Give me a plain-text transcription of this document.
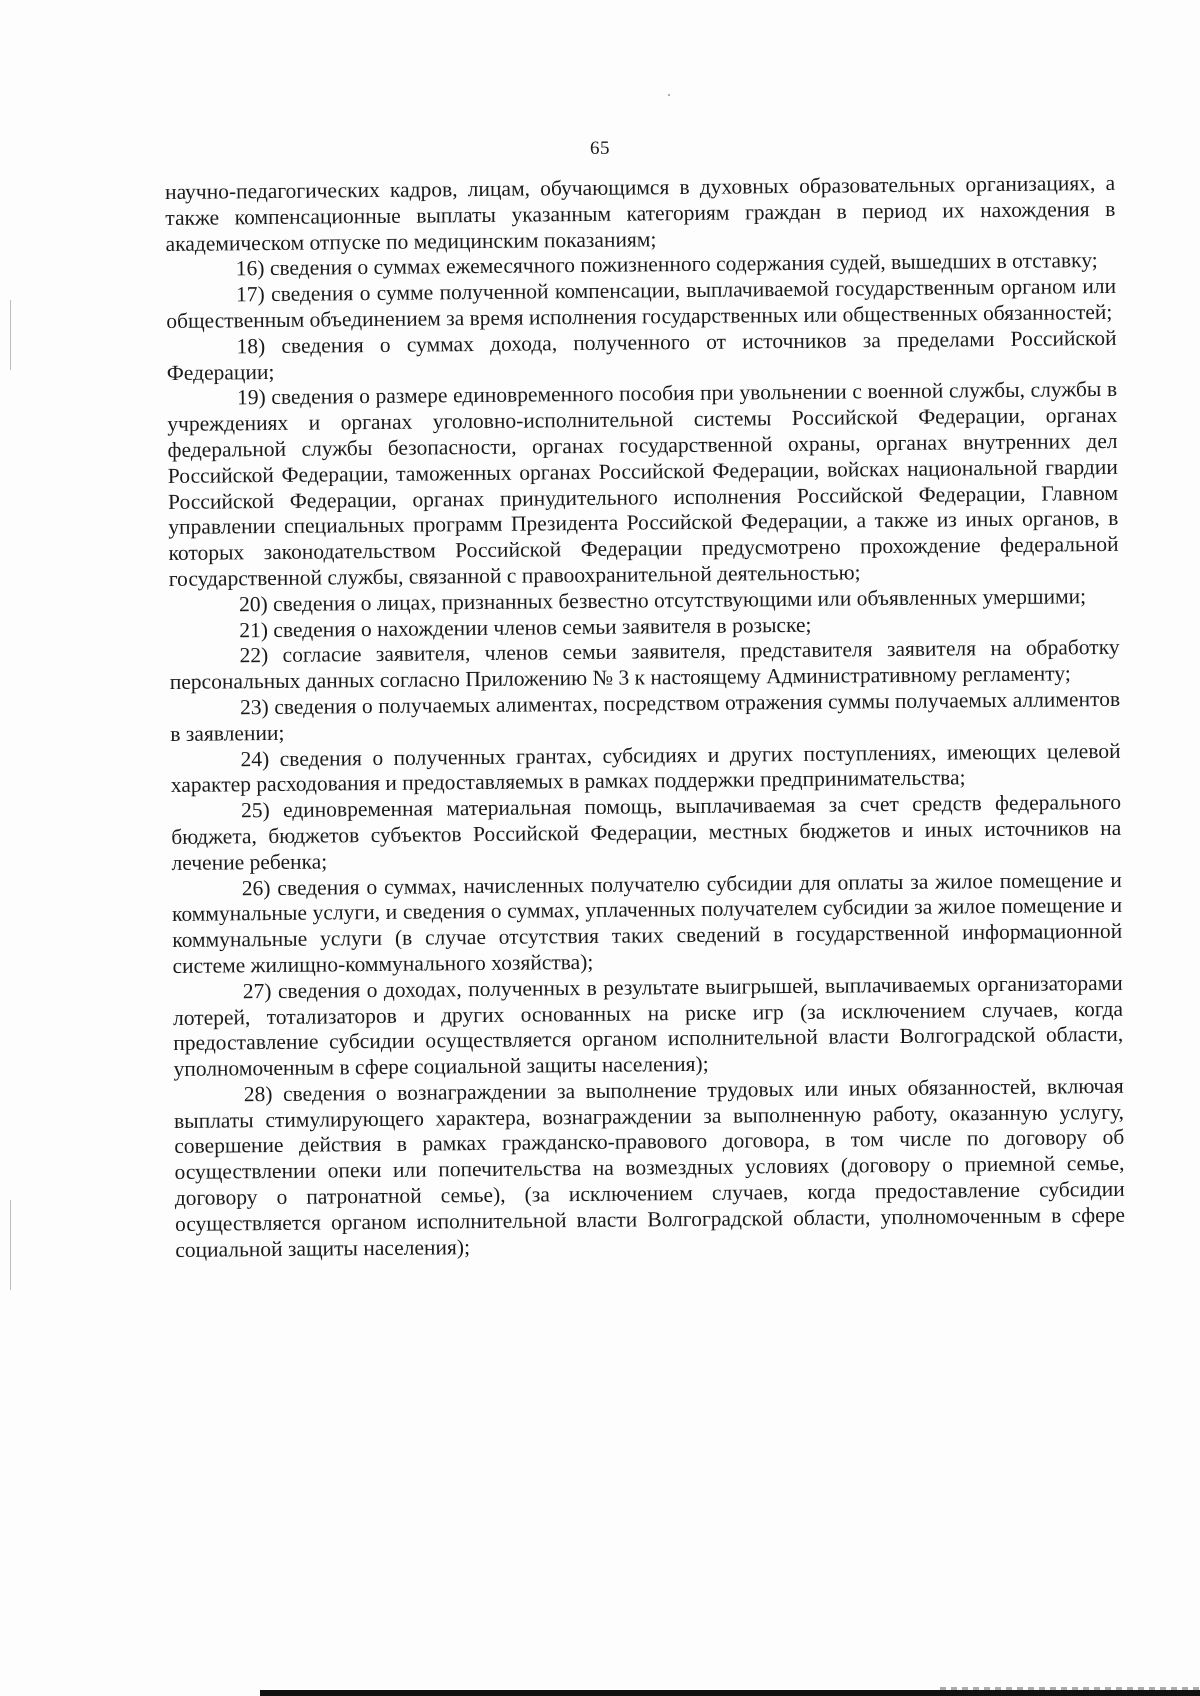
65

научно-педагогических кадров, лицам, обучающимся в духовных образовательных организациях, а также компенсационные выплаты указанным категориям граждан в период их нахождения в академическом отпуске по медицинским показаниям;

16) сведения о суммах ежемесячного пожизненного содержания судей, вышедших в отставку;

17) сведения о сумме полученной компенсации, выплачиваемой государственным органом или общественным объединением за время исполнения государственных или общественных обязанностей;

18) сведения о суммах дохода, полученного от источников за пределами Российской Федерации;

19) сведения о размере единовременного пособия при увольнении с военной службы, службы в учреждениях и органах уголовно-исполнительной системы Российской Федерации, органах федеральной службы безопасности, органах государственной охраны, органах внутренних дел Российской Федерации, таможенных органах Российской Федерации, войсках национальной гвардии Российской Федерации, органах принудительного исполнения Российской Федерации, Главном управлении специальных программ Президента Российской Федерации, а также из иных органов, в которых законодательством Российской Федерации предусмотрено прохождение федеральной государственной службы, связанной с правоохранительной деятельностью;

20) сведения о лицах, признанных безвестно отсутствующими или объявленных умершими;

21) сведения о нахождении членов семьи заявителя в розыске;

22) согласие заявителя, членов семьи заявителя, представителя заявителя на обработку персональных данных согласно Приложению № 3 к настоящему Административному регламенту;

23) сведения о получаемых алиментах, посредством отражения суммы получаемых аллиментов в заявлении;

24) сведения о полученных грантах, субсидиях и других поступлениях, имеющих целевой характер расходования и предоставляемых в рамках поддержки предпринимательства;

25) единовременная материальная помощь, выплачиваемая за счет средств федерального бюджета, бюджетов субъектов Российской Федерации, местных бюджетов и иных источников на лечение ребенка;

26) сведения о суммах, начисленных получателю субсидии для оплаты за жилое помещение и коммунальные услуги, и сведения о суммах, уплаченных получателем субсидии за жилое помещение и коммунальные услуги (в случае отсутствия таких сведений в государственной информационной системе жилищно-коммунального хозяйства);

27) сведения о доходах, полученных в результате выигрышей, выплачиваемых организаторами лотерей, тотализаторов и других основанных на риске игр (за исключением случаев, когда предоставление субсидии осуществляется органом исполнительной власти Волгоградской области, уполномоченным в сфере социальной защиты населения);

28) сведения о вознаграждении за выполнение трудовых или иных обязанностей, включая выплаты стимулирующего характера, вознаграждении за выполненную работу, оказанную услугу, совершение действия в рамках гражданско-правового договора, в том числе по договору об осуществлении опеки или попечительства на возмездных условиях (договору о приемной семье, договору о патронатной семье), (за исключением случаев, когда предоставление субсидии осуществляется органом исполнительной власти Волгоградской области, уполномоченным в сфере социальной защиты населения);
